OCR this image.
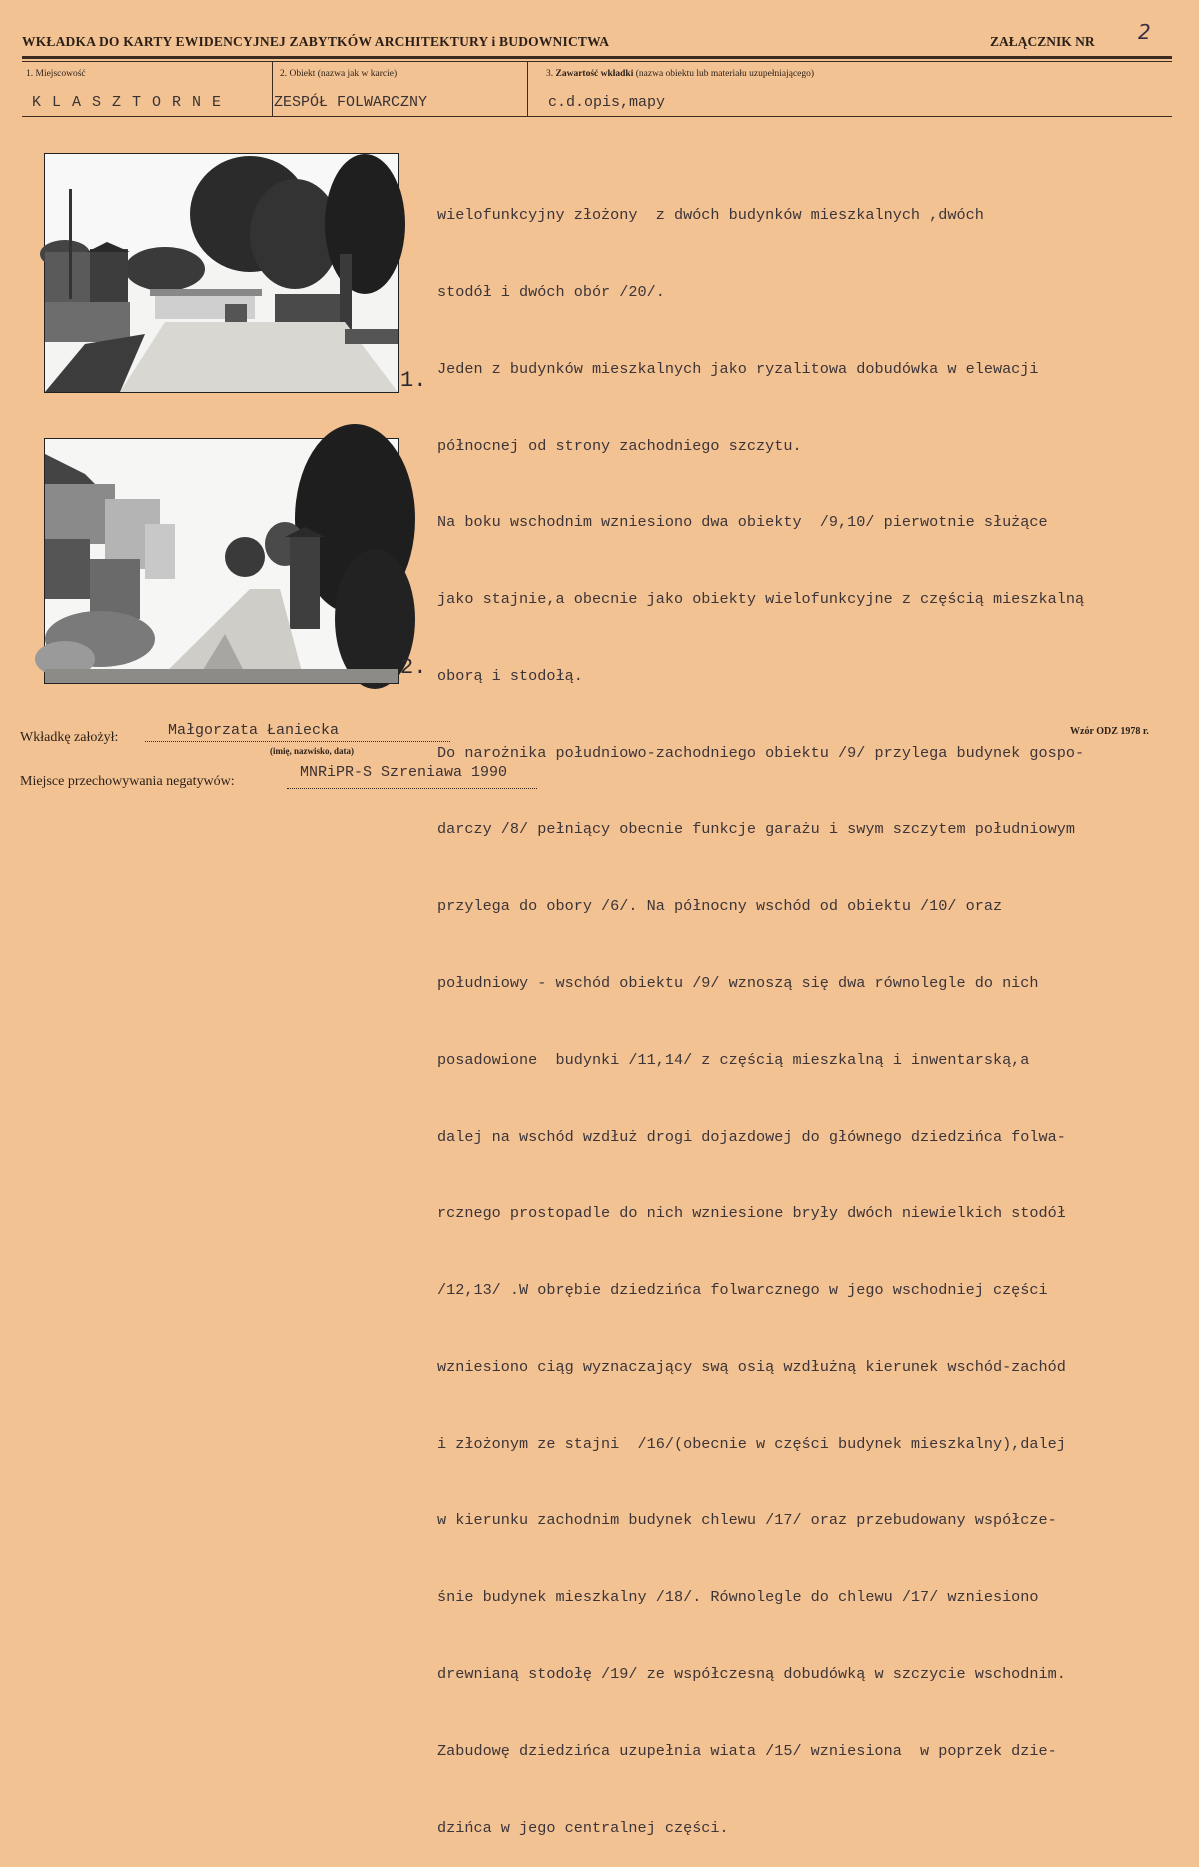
WKŁADKA DO KARTY EWIDENCYJNEJ ZABYTKÓW ARCHITEKTURY i BUDOWNICTWA	ZAŁĄCZNIK NR 2
1. Miejscowość
K L A S Z T O R N E
2. Obiekt (nazwa jak w karcie)
ZESPÓŁ FOLWARCZNY
3. Zawartość wkładki (nazwa obiektu lub materiału uzupełniającego)
c.d.opis,mapy
1.
2.

wielofunkcyjny złożony  z dwóch budynków mieszkalnych ,dwóch

stodół i dwóch obór /20/.

Jeden z budynków mieszkalnych jako ryzalitowa dobudówka w elewacji

północnej od strony zachodniego szczytu.

Na boku wschodnim wzniesiono dwa obiekty  /9,10/ pierwotnie służące

jako stajnie,a obecnie jako obiekty wielofunkcyjne z częścią mieszkalną

oborą i stodołą.

Do narożnika południowo-zachodniego obiektu /9/ przylega budynek gospo-

darczy /8/ pełniący obecnie funkcje garażu i swym szczytem południowym

przylega do obory /6/. Na północny wschód od obiektu /10/ oraz

południowy - wschód obiektu /9/ wznoszą się dwa równolegle do nich

posadowione  budynki /11,14/ z częścią mieszkalną i inwentarską,a

dalej na wschód wzdłuż drogi dojazdowej do głównego dziedzińca folwa-

rcznego prostopadle do nich wzniesione bryły dwóch niewielkich stodół

/12,13/ .W obrębie dziedzińca folwarcznego w jego wschodniej części

wzniesiono ciąg wyznaczający swą osią wzdłużną kierunek wschód-zachód

i złożonym ze stajni  /16/(obecnie w części budynek mieszkalny),dalej

w kierunku zachodnim budynek chlewu /17/ oraz przebudowany współcze-

śnie budynek mieszkalny /18/. Równolegle do chlewu /17/ wzniesiono

drewnianą stodołę /19/ ze współczesną dobudówką w szczycie wschodnim.

Zabudowę dziedzińca uzupełnia wiata /15/ wzniesiona  w poprzek dzie-

dzińca w jego centralnej części.

Wkładkę założył:	Małgorzata Łaniecka
(imię, nazwisko, data)
Miejsce przechowywania negatywów:
MNRiPR-S Szreniawa 1990
Wzór ODZ 1978 r.
